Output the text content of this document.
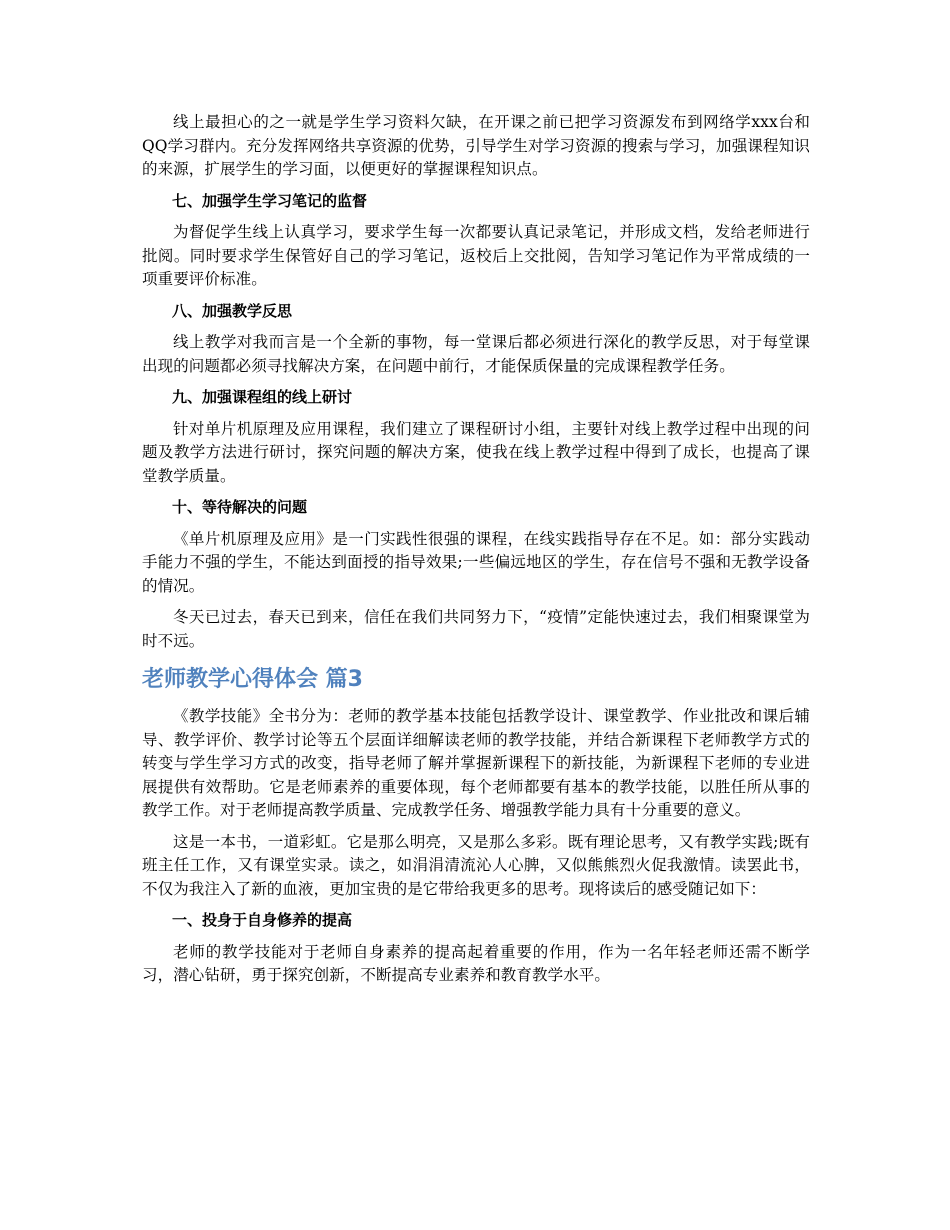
线上最担心的之一就是学生学习资料欠缺，在开课之前已把学习资源发布到网络学xxx台和QQ学习群内。充分发挥网络共享资源的优势，引导学生对学习资源的搜索与学习，加强课程知识的来源，扩展学生的学习面，以便更好的掌握课程知识点。

七、加强学生学习笔记的监督

为督促学生线上认真学习，要求学生每一次都要认真记录笔记，并形成文档，发给老师进行批阅。同时要求学生保管好自己的学习笔记，返校后上交批阅，告知学习笔记作为平常成绩的一项重要评价标准。

八、加强教学反思

线上教学对我而言是一个全新的事物，每一堂课后都必须进行深化的教学反思，对于每堂课出现的问题都必须寻找解决方案，在问题中前行，才能保质保量的完成课程教学任务。

九、加强课程组的线上研讨

针对单片机原理及应用课程，我们建立了课程研讨小组，主要针对线上教学过程中出现的问题及教学方法进行研讨，探究问题的解决方案，使我在线上教学过程中得到了成长，也提高了课堂教学质量。

十、等待解决的问题

《单片机原理及应用》是一门实践性很强的课程，在线实践指导存在不足。如：部分实践动手能力不强的学生，不能达到面授的指导效果;一些偏远地区的学生，存在信号不强和无教学设备的情况。

冬天已过去，春天已到来，信任在我们共同努力下，“疫情”定能快速过去，我们相聚课堂为时不远。

老师教学心得体会 篇3

《教学技能》全书分为：老师的教学基本技能包括教学设计、课堂教学、作业批改和课后辅导、教学评价、教学讨论等五个层面详细解读老师的教学技能，并结合新课程下老师教学方式的转变与学生学习方式的改变，指导老师了解并掌握新课程下的新技能，为新课程下老师的专业进展提供有效帮助。它是老师素养的重要体现，每个老师都要有基本的教学技能，以胜任所从事的教学工作。对于老师提高教学质量、完成教学任务、增强教学能力具有十分重要的意义。

这是一本书，一道彩虹。它是那么明亮，又是那么多彩。既有理论思考，又有教学实践;既有班主任工作，又有课堂实录。读之，如涓涓清流沁人心脾，又似熊熊烈火促我激情。读罢此书，不仅为我注入了新的血液，更加宝贵的是它带给我更多的思考。现将读后的感受随记如下：

一、投身于自身修养的提高

老师的教学技能对于老师自身素养的提高起着重要的作用，作为一名年轻老师还需不断学习，潜心钻研，勇于探究创新，不断提高专业素养和教育教学水平。
